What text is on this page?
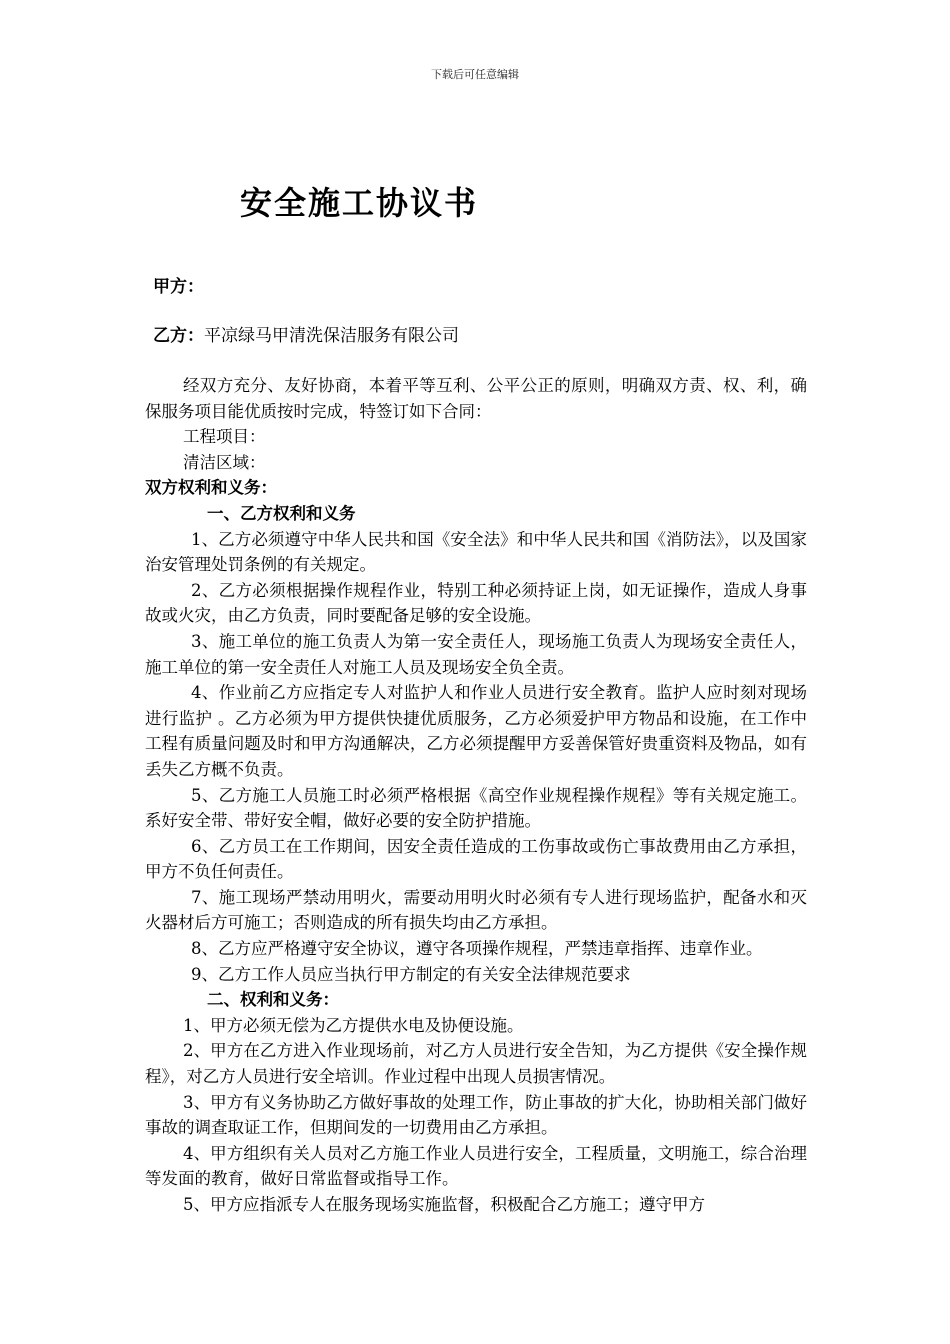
下载后可任意编辑
安全施工协议书
甲方：
乙方：平凉绿马甲清洗保洁服务有限公司

经双方充分、友好协商，本着平等互利、公平公正的原则，明确双方责、权、利，确保服务项目能优质按时完成，特签订如下合同：

工程项目：

清洁区域：

双方权利和义务：

一、乙方权利和义务

1、乙方必须遵守中华人民共和国《安全法》和中华人民共和国《消防法》，以及国家治安管理处罚条例的有关规定。

2、乙方必须根据操作规程作业，特别工种必须持证上岗，如无证操作，造成人身事故或火灾，由乙方负责，同时要配备足够的安全设施。

3、施工单位的施工负责人为第一安全责任人，现场施工负责人为现场安全责任人，施工单位的第一安全责任人对施工人员及现场安全负全责。

4、作业前乙方应指定专人对监护人和作业人员进行安全教育。监护人应时刻对现场进行监护 。乙方必须为甲方提供快捷优质服务，乙方必须爱护甲方物品和设施，在工作中工程有质量问题及时和甲方沟通解决，乙方必须提醒甲方妥善保管好贵重资料及物品，如有丢失乙方概不负责。

5、乙方施工人员施工时必须严格根据《高空作业规程操作规程》等有关规定施工。系好安全带、带好安全帽，做好必要的安全防护措施。

6、乙方员工在工作期间，因安全责任造成的工伤事故或伤亡事故费用由乙方承担，甲方不负任何责任。

7、施工现场严禁动用明火，需要动用明火时必须有专人进行现场监护，配备水和灭火器材后方可施工；否则造成的所有损失均由乙方承担。

8、乙方应严格遵守安全协议，遵守各项操作规程，严禁违章指挥、违章作业。

9、乙方工作人员应当执行甲方制定的有关安全法律规范要求

二、权利和义务：

1、甲方必须无偿为乙方提供水电及协便设施。

2、甲方在乙方进入作业现场前，对乙方人员进行安全告知，为乙方提供《安全操作规程》，对乙方人员进行安全培训。作业过程中出现人员损害情况。

3、甲方有义务协助乙方做好事故的处理工作，防止事故的扩大化，协助相关部门做好事故的调查取证工作，但期间发的一切费用由乙方承担。

4、甲方组织有关人员对乙方施工作业人员进行安全，工程质量，文明施工，综合治理等发面的教育，做好日常监督或指导工作。

5、甲方应指派专人在服务现场实施监督，积极配合乙方施工；遵守甲方
